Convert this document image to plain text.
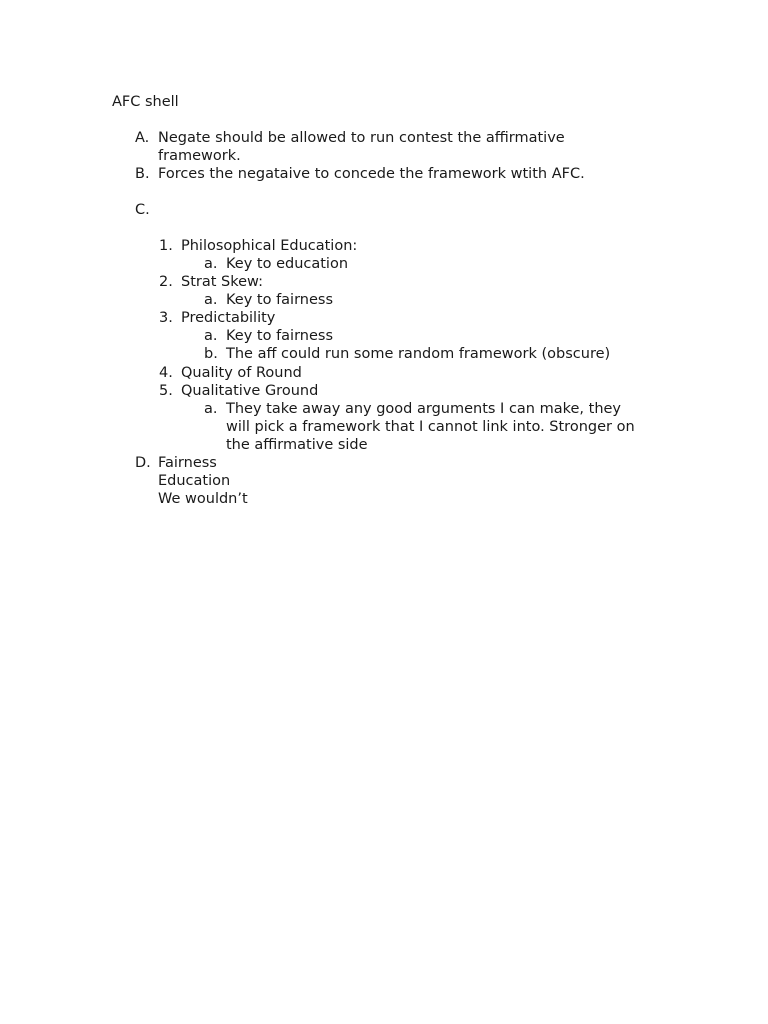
AFC shell
A. Negate should be allowed to run contest the affirmative
framework.
B. Forces the negataive to concede the framework wtith AFC.
C.
1. Philosophical Education:
a. Key to education
2. Strat Skew:
a. Key to fairness
3. Predictability
a. Key to fairness
b. The aff could run some random framework (obscure)
4. Quality of Round
5. Qualitative Ground
a. They take away any good arguments I can make, they
will pick a framework that I cannot link into. Stronger on
the affirmative side
D. Fairness
Education
We wouldn’t
